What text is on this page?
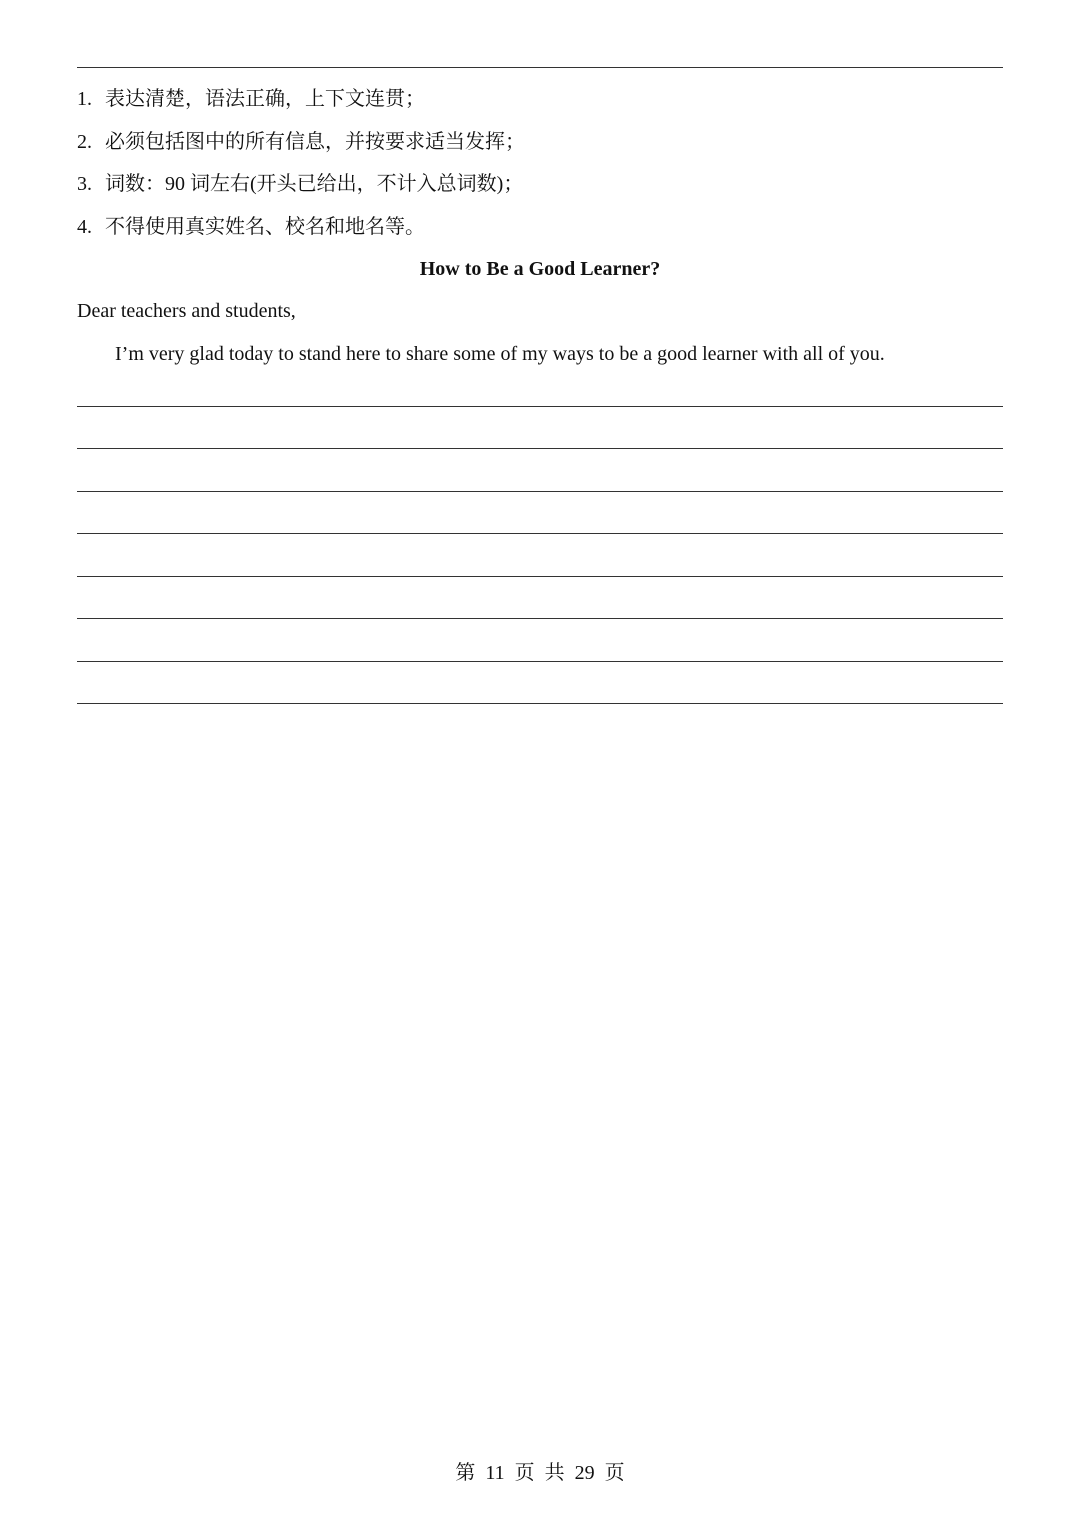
1. 表达清楚，语法正确，上下文连贯；
2. 必须包括图中的所有信息，并按要求适当发挥；
3. 词数：90 词左右(开头已给出，不计入总词数)；
4. 不得使用真实姓名、校名和地名等。
How to Be a Good Learner?
Dear teachers and students,
I’m very glad today to stand here to share some of my ways to be a good learner with all of you.
第  11  页  共  29  页
